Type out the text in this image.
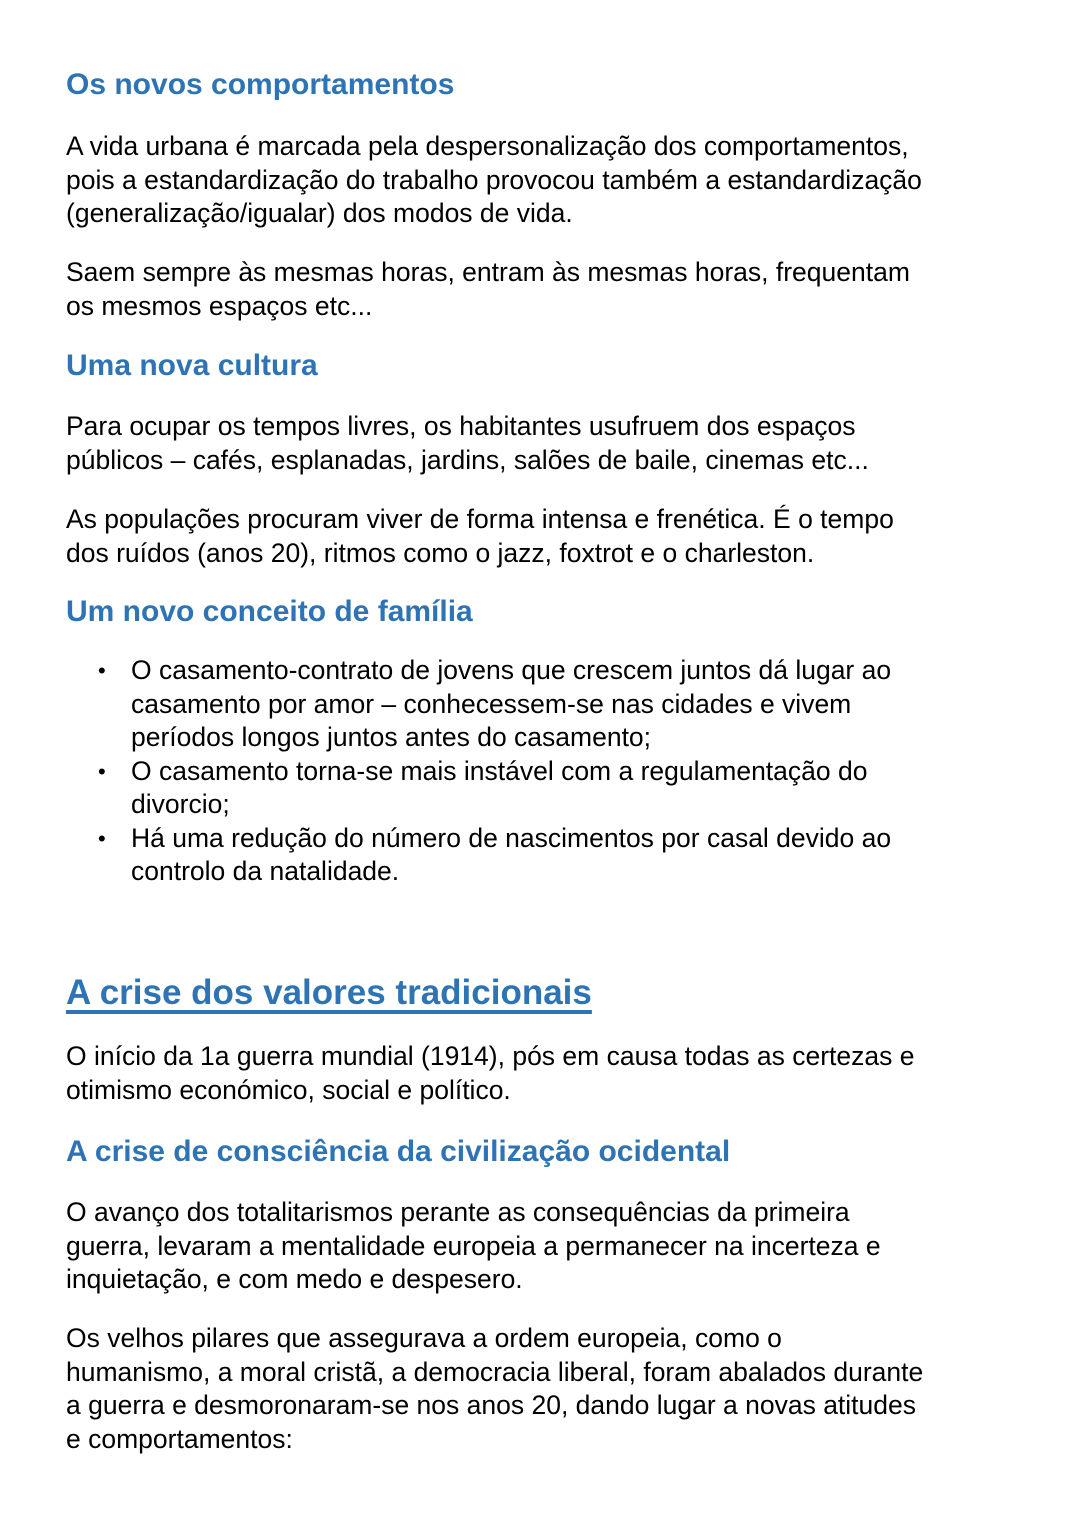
Os novos comportamentos

A vida urbana é marcada pela despersonalização dos comportamentos,
pois a estandardização do trabalho provocou também a estandardização
(generalização/igualar) dos modos de vida.

Saem sempre às mesmas horas, entram às mesmas horas, frequentam
os mesmos espaços etc...

Uma nova cultura

Para ocupar os tempos livres, os habitantes usufruem dos espaços
públicos – cafés, esplanadas, jardins, salões de baile, cinemas etc...

As populações procuram viver de forma intensa e frenética. É o tempo
dos ruídos (anos 20), ritmos como o jazz, foxtrot e o charleston.

Um novo conceito de família
• O casamento-contrato de jovens que crescem juntos dá lugar ao
casamento por amor – conhecessem-se nas cidades e vivem
períodos longos juntos antes do casamento;
• O casamento torna-se mais instável com a regulamentação do
divorcio;
• Há uma redução do número de nascimentos por casal devido ao
controlo da natalidade.
A crise dos valores tradicionais

O início da 1a guerra mundial (1914), pós em causa todas as certezas e
otimismo económico, social e político.

A crise de consciência da civilização ocidental

O avanço dos totalitarismos perante as consequências da primeira
guerra, levaram a mentalidade europeia a permanecer na incerteza e
inquietação, e com medo e despesero.

Os velhos pilares que assegurava a ordem europeia, como o
humanismo, a moral cristã, a democracia liberal, foram abalados durante
a guerra e desmoronaram-se nos anos 20, dando lugar a novas atitudes
e comportamentos:
